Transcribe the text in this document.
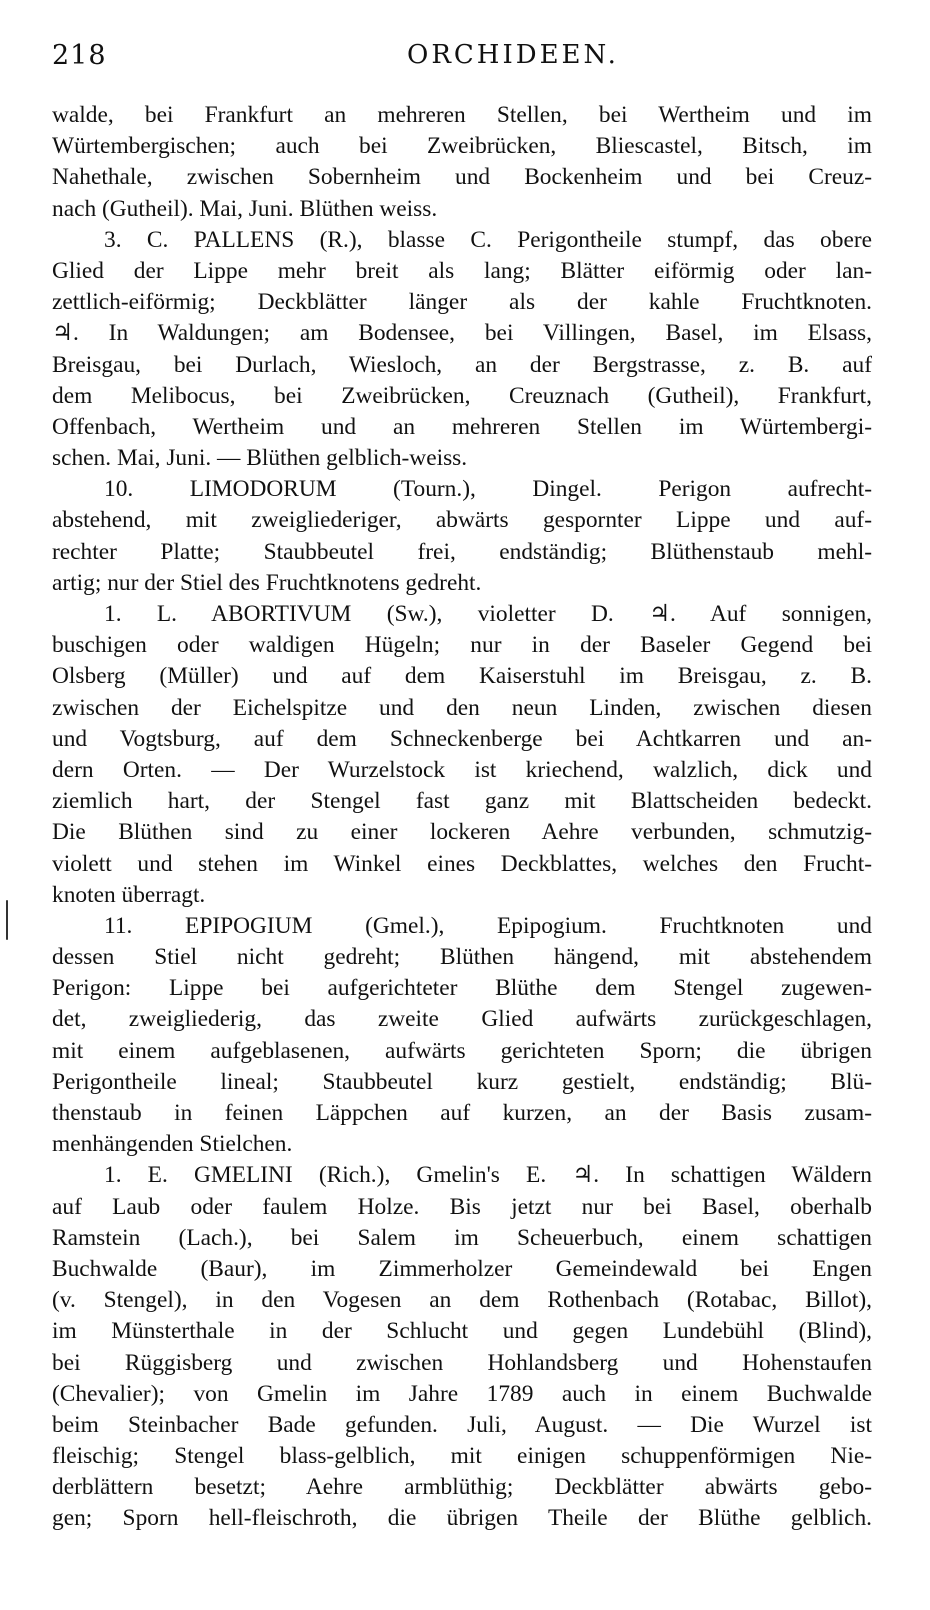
218	ORCHIDEEN.
walde, bei Frankfurt an mehreren Stellen, bei Wertheim und im
Würtembergischen; auch bei Zweibrücken, Bliescastel, Bitsch, im
Nahethale, zwischen Sobernheim und Bockenheim und bei Creuz-
nach (Gutheil). Mai, Juni. Blüthen weiss.
3. C. PALLENS (R.), blasse C. Perigontheile stumpf, das obere
Glied der Lippe mehr breit als lang; Blätter eiförmig oder lan-
zettlich-eiförmig; Deckblätter länger als der kahle Fruchtknoten.
♃. In Waldungen; am Bodensee, bei Villingen, Basel, im Elsass,
Breisgau, bei Durlach, Wiesloch, an der Bergstrasse, z. B. auf
dem Melibocus, bei Zweibrücken, Creuznach (Gutheil), Frankfurt,
Offenbach, Wertheim und an mehreren Stellen im Würtembergi-
schen. Mai, Juni. — Blüthen gelblich-weiss.
10. LIMODORUM (Tourn.), Dingel. Perigon aufrecht-
abstehend, mit zweigliederiger, abwärts gespornter Lippe und auf-
rechter Platte; Staubbeutel frei, endständig; Blüthenstaub mehl-
artig; nur der Stiel des Fruchtknotens gedreht.
1. L. ABORTIVUM (Sw.), violetter D. ♃. Auf sonnigen,
buschigen oder waldigen Hügeln; nur in der Baseler Gegend bei
Olsberg (Müller) und auf dem Kaiserstuhl im Breisgau, z. B.
zwischen der Eichelspitze und den neun Linden, zwischen diesen
und Vogtsburg, auf dem Schneckenberge bei Achtkarren und an-
dern Orten. — Der Wurzelstock ist kriechend, walzlich, dick und
ziemlich hart, der Stengel fast ganz mit Blattscheiden bedeckt.
Die Blüthen sind zu einer lockeren Aehre verbunden, schmutzig-
violett und stehen im Winkel eines Deckblattes, welches den Frucht-
knoten überragt.
11. EPIPOGIUM (Gmel.), Epipogium. Fruchtknoten und
dessen Stiel nicht gedreht; Blüthen hängend, mit abstehendem
Perigon: Lippe bei aufgerichteter Blüthe dem Stengel zugewen-
det, zweigliederig, das zweite Glied aufwärts zurückgeschlagen,
mit einem aufgeblasenen, aufwärts gerichteten Sporn; die übrigen
Perigontheile lineal; Staubbeutel kurz gestielt, endständig; Blü-
thenstaub in feinen Läppchen auf kurzen, an der Basis zusam-
menhängenden Stielchen.
1. E. GMELINI (Rich.), Gmelin's E. ♃. In schattigen Wäldern
auf Laub oder faulem Holze. Bis jetzt nur bei Basel, oberhalb
Ramstein (Lach.), bei Salem im Scheuerbuch, einem schattigen
Buchwalde (Baur), im Zimmerholzer Gemeindewald bei Engen
(v. Stengel), in den Vogesen an dem Rothenbach (Rotabac, Billot),
im Münsterthale in der Schlucht und gegen Lundebühl (Blind),
bei Rüggisberg und zwischen Hohlandsberg und Hohenstaufen
(Chevalier); von Gmelin im Jahre 1789 auch in einem Buchwalde
beim Steinbacher Bade gefunden. Juli, August. — Die Wurzel ist
fleischig; Stengel blass-gelblich, mit einigen schuppenförmigen Nie-
derblättern besetzt; Aehre armblüthig; Deckblätter abwärts gebo-
gen; Sporn hell-fleischroth, die übrigen Theile der Blüthe gelblich.
